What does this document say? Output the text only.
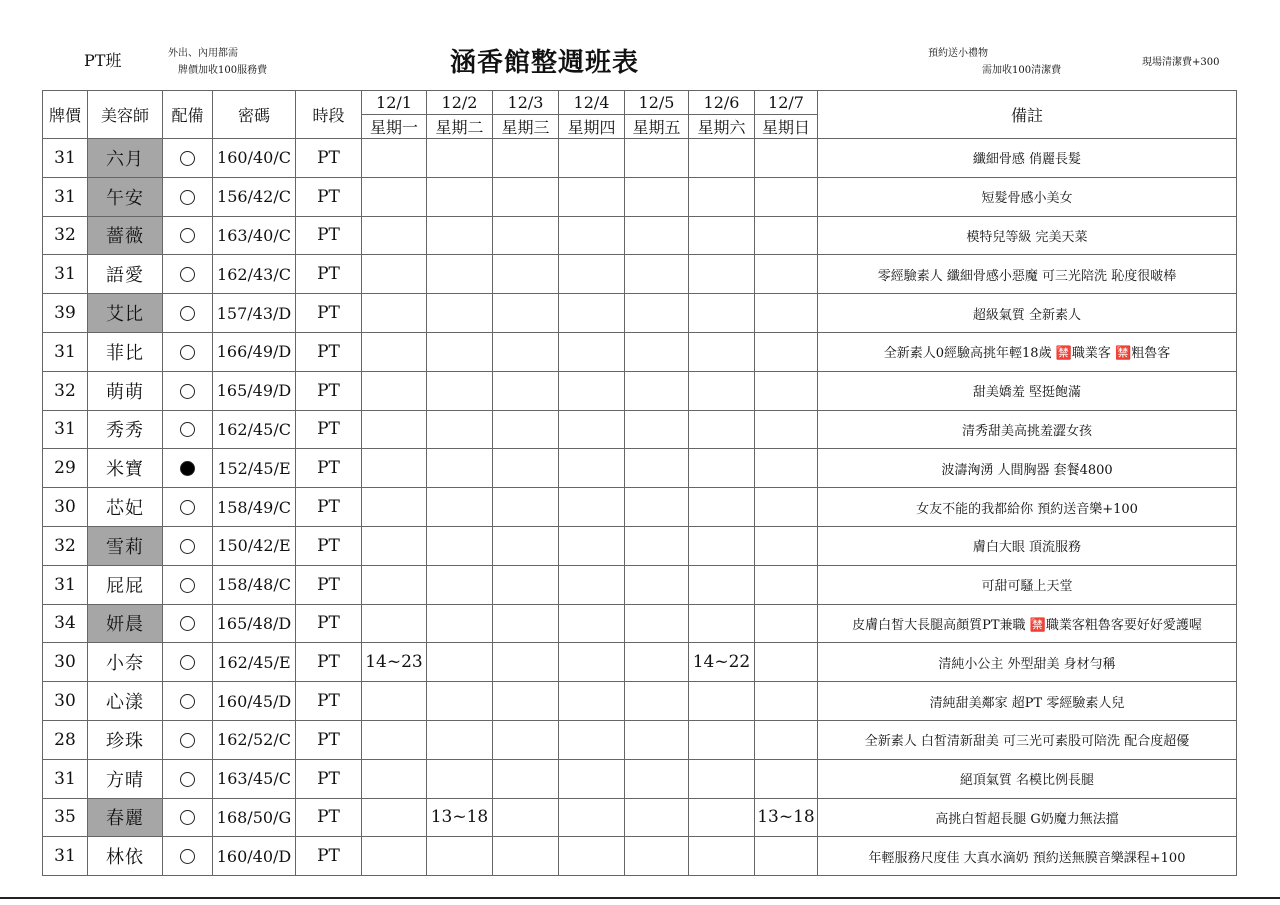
PT班	外出、內用都需
牌價加收100服務費	涵香館整週班表	預約送小禮物
需加收100清潔費
現場清潔費+300
牌價	美容師	配備	密碼	時段	12/1	12/2	12/3	12/4	12/5	12/6	12/7	備註
					星期一	星期二	星期三	星期四	星期五	星期六	星期日	
31	六月		160/40/C	PT								纖細骨感 俏麗長髮
31	午安		156/42/C	PT								短髮骨感小美女
32	薔薇		163/40/C	PT								模特兒等級 完美天菜
31	語愛		162/43/C	PT								零經驗素人 纖細骨感小惡魔 可三光陪洗 恥度很啵棒
39	艾比		157/43/D	PT								超級氣質 全新素人
31	菲比		166/49/D	PT								全新素人0經驗高挑年輕18歲 🈲職業客 🈲粗魯客
32	萌萌		165/49/D	PT								甜美嬌羞 堅挺飽滿
31	秀秀		162/45/C	PT								清秀甜美高挑羞澀女孩
29	米寶		152/45/E	PT								波濤洶湧 人間胸器 套餐4800
30	芯妃		158/49/C	PT								女友不能的我都給你 預約送音樂+100
32	雪莉		150/42/E	PT								膚白大眼 頂流服務
31	屁屁		158/48/C	PT								可甜可騷上天堂
34	妍晨		165/48/D	PT								皮膚白皙大長腿高顏質PT兼職 🈲職業客粗魯客要好好愛護喔
30	小奈		162/45/E	PT	14~23					14~22		清純小公主 外型甜美 身材勻稱
30	心漾		160/45/D	PT								清純甜美鄰家 超PT 零經驗素人兒
28	珍珠		162/52/C	PT								全新素人 白皙清新甜美 可三光可素股可陪洗 配合度超優
31	方晴		163/45/C	PT								絕頂氣質 名模比例長腿
35	春麗		168/50/G	PT		13~18					13~18	高挑白皙超長腿 G奶魔力無法擋
31	林依		160/40/D	PT								年輕服務尺度佳 大真水滴奶 預約送無膜音樂課程+100
